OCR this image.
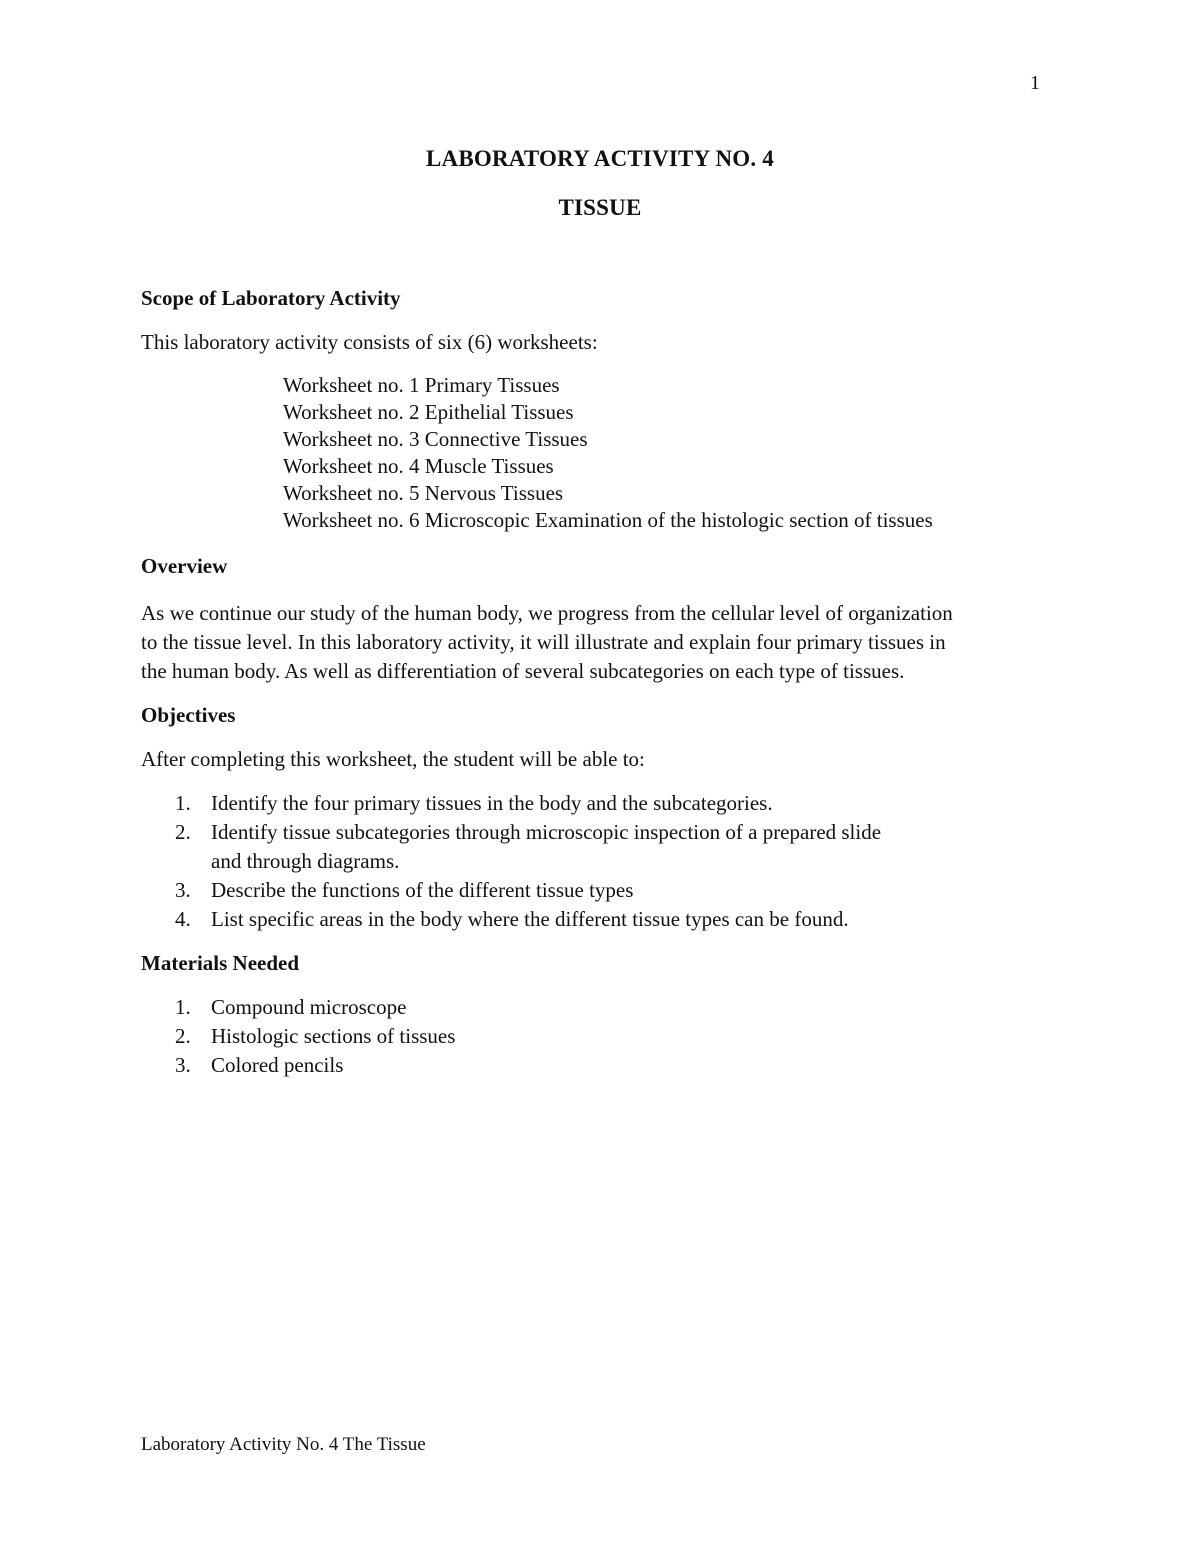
1
LABORATORY ACTIVITY NO. 4
TISSUE

Scope of Laboratory Activity

This laboratory activity consists of six (6) worksheets:

Worksheet no. 1 Primary Tissues
Worksheet no. 2 Epithelial Tissues
Worksheet no. 3 Connective Tissues
Worksheet no. 4 Muscle Tissues
Worksheet no. 5 Nervous Tissues
Worksheet no. 6 Microscopic Examination of the histologic section of tissues

Overview

As we continue our study of the human body, we progress from the cellular level of organization
to the tissue level. In this laboratory activity, it will illustrate and explain four primary tissues in
the human body. As well as differentiation of several subcategories on each type of tissues.

Objectives

After completing this worksheet, the student will be able to:

1. Identify the four primary tissues in the body and the subcategories.
2. Identify tissue subcategories through microscopic inspection of a prepared slide
and through diagrams.
3. Describe the functions of the different tissue types
4. List specific areas in the body where the different tissue types can be found.

Materials Needed

1. Compound microscope
2. Histologic sections of tissues
3. Colored pencils
Laboratory Activity No. 4 The Tissue
